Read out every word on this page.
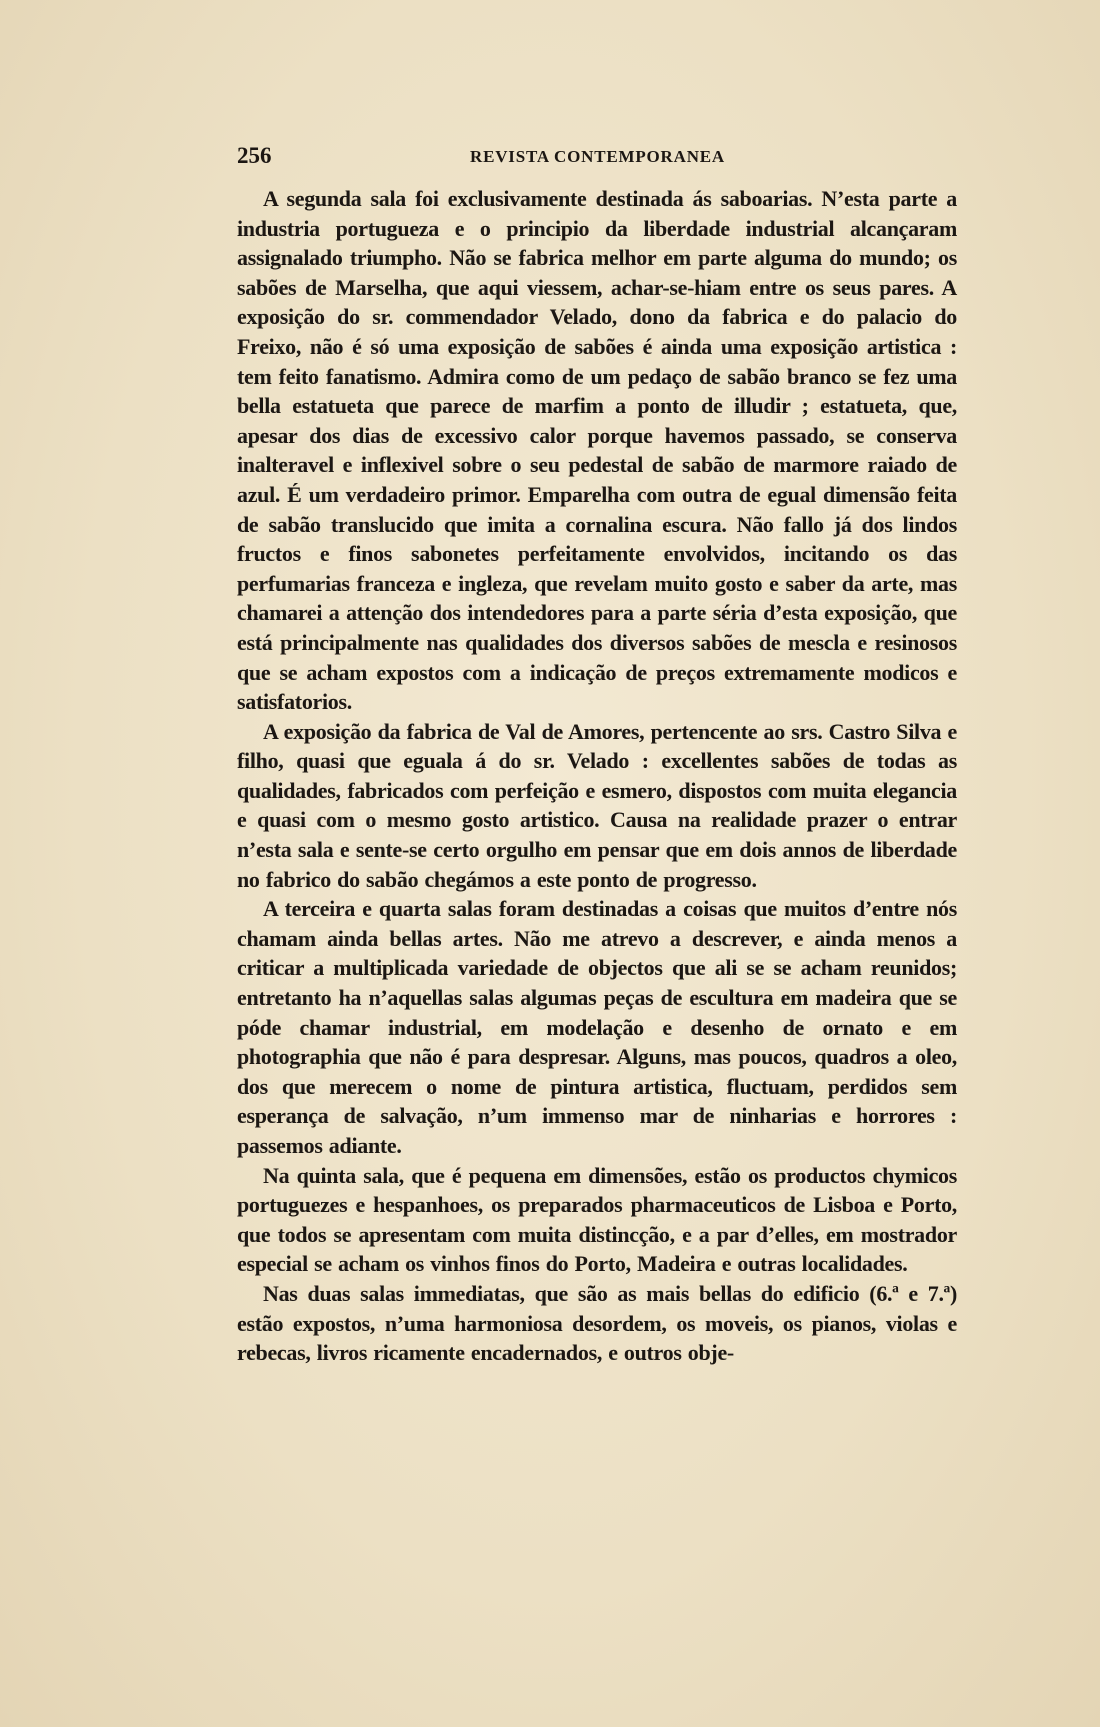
256	REVISTA CONTEMPORANEA

A segunda sala foi exclusivamente destinada ás saboarias. N’esta parte a industria portugueza e o principio da liberdade industrial alcançaram assignalado triumpho. Não se fabrica melhor em parte alguma do mundo; os sabões de Marselha, que aqui viessem, achar-se-hiam entre os seus pares. A exposição do sr. commendador Velado, dono da fabrica e do palacio do Freixo, não é só uma exposição de sabões é ainda uma exposição artistica : tem feito fanatismo. Admira como de um pedaço de sabão branco se fez uma bella estatueta que parece de marfim a ponto de illudir ; estatueta, que, apesar dos dias de excessivo calor porque havemos passado, se conserva inalteravel e inflexivel sobre o seu pedestal de sabão de marmore raiado de azul. É um verdadeiro primor. Emparelha com outra de egual dimensão feita de sabão translucido que imita a cornalina escura. Não fallo já dos lindos fructos e finos sabonetes perfeitamente envolvidos, incitando os das perfumarias franceza e ingleza, que revelam muito gosto e saber da arte, mas chamarei a attenção dos intendedores para a parte séria d’esta exposição, que está principalmente nas qualidades dos diversos sabões de mescla e resinosos que se acham expostos com a indicação de preços extremamente modicos e satisfatorios.

A exposição da fabrica de Val de Amores, pertencente ao srs. Castro Silva e filho, quasi que eguala á do sr. Velado : excellentes sabões de todas as qualidades, fabricados com perfeição e esmero, dispostos com muita elegancia e quasi com o mesmo gosto artistico. Causa na realidade prazer o entrar n’esta sala e sente-se certo orgulho em pensar que em dois annos de liberdade no fabrico do sabão chegámos a este ponto de progresso.

A terceira e quarta salas foram destinadas a coisas que muitos d’entre nós chamam ainda bellas artes. Não me atrevo a descrever, e ainda menos a criticar a multiplicada variedade de objectos que ali se se acham reunidos; entretanto ha n’aquellas salas algumas peças de escultura em madeira que se póde chamar industrial, em modelação e desenho de ornato e em photographia que não é para despresar. Alguns, mas poucos, quadros a oleo, dos que merecem o nome de pintura artistica, fluctuam, perdidos sem esperança de salvação, n’um immenso mar de ninharias e horrores : passemos adiante.

Na quinta sala, que é pequena em dimensões, estão os productos chymicos portuguezes e hespanhoes, os preparados pharmaceuticos de Lisboa e Porto, que todos se apresentam com muita distincção, e a par d’elles, em mostrador especial se acham os vinhos finos do Porto, Madeira e outras localidades.

Nas duas salas immediatas, que são as mais bellas do edificio (6.ª e 7.ª) estão expostos, n’uma harmoniosa desordem, os moveis, os pianos, violas e rebecas, livros ricamente encadernados, e outros obje-
